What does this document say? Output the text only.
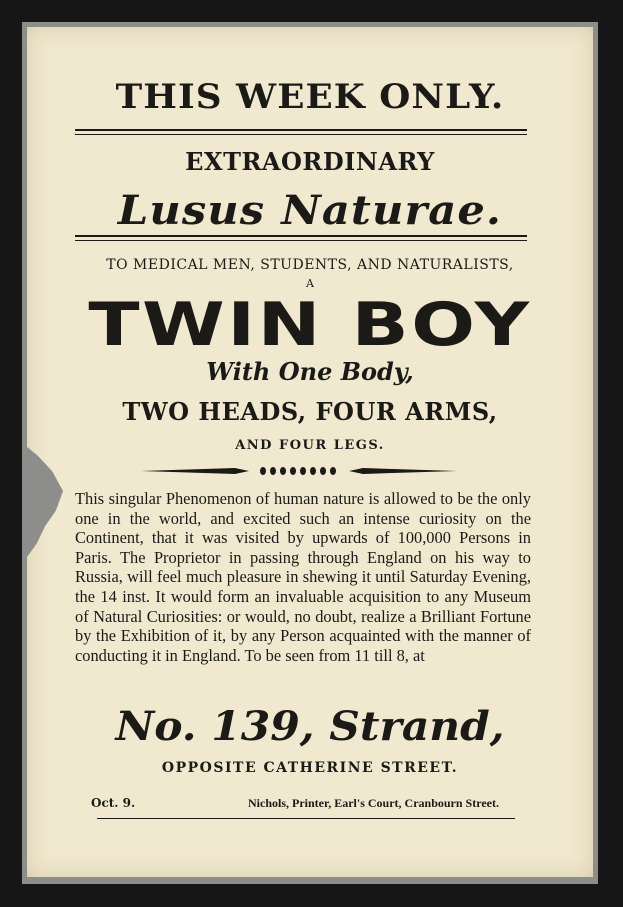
THIS WEEK ONLY.
EXTRAORDINARY
Lusus Naturae.
TO MEDICAL MEN, STUDENTS, AND NATURALISTS,
A
TWIN BOY
With One Body,
TWO HEADS, FOUR ARMS,
AND FOUR LEGS.
This singular Phenomenon of human nature is allowed to be the only one in the world, and excited such an intense curiosity on the Continent, that it was visited by upwards of 100,000 Persons in Paris. The Proprietor in passing through England on his way to Russia, will feel much pleasure in shewing it until Saturday Evening, the 14 inst. It would form an invaluable acquisition to any Museum of Natural Curiosities: or would, no doubt, realize a Brilliant Fortune by the Exhibition of it, by any Person acquainted with the manner of conducting it in England. To be seen from 11 till 8, at
No. 139, Strand,
OPPOSITE CATHERINE STREET.
Oct. 9.	Nichols, Printer, Earl's Court, Cranbourn Street.
